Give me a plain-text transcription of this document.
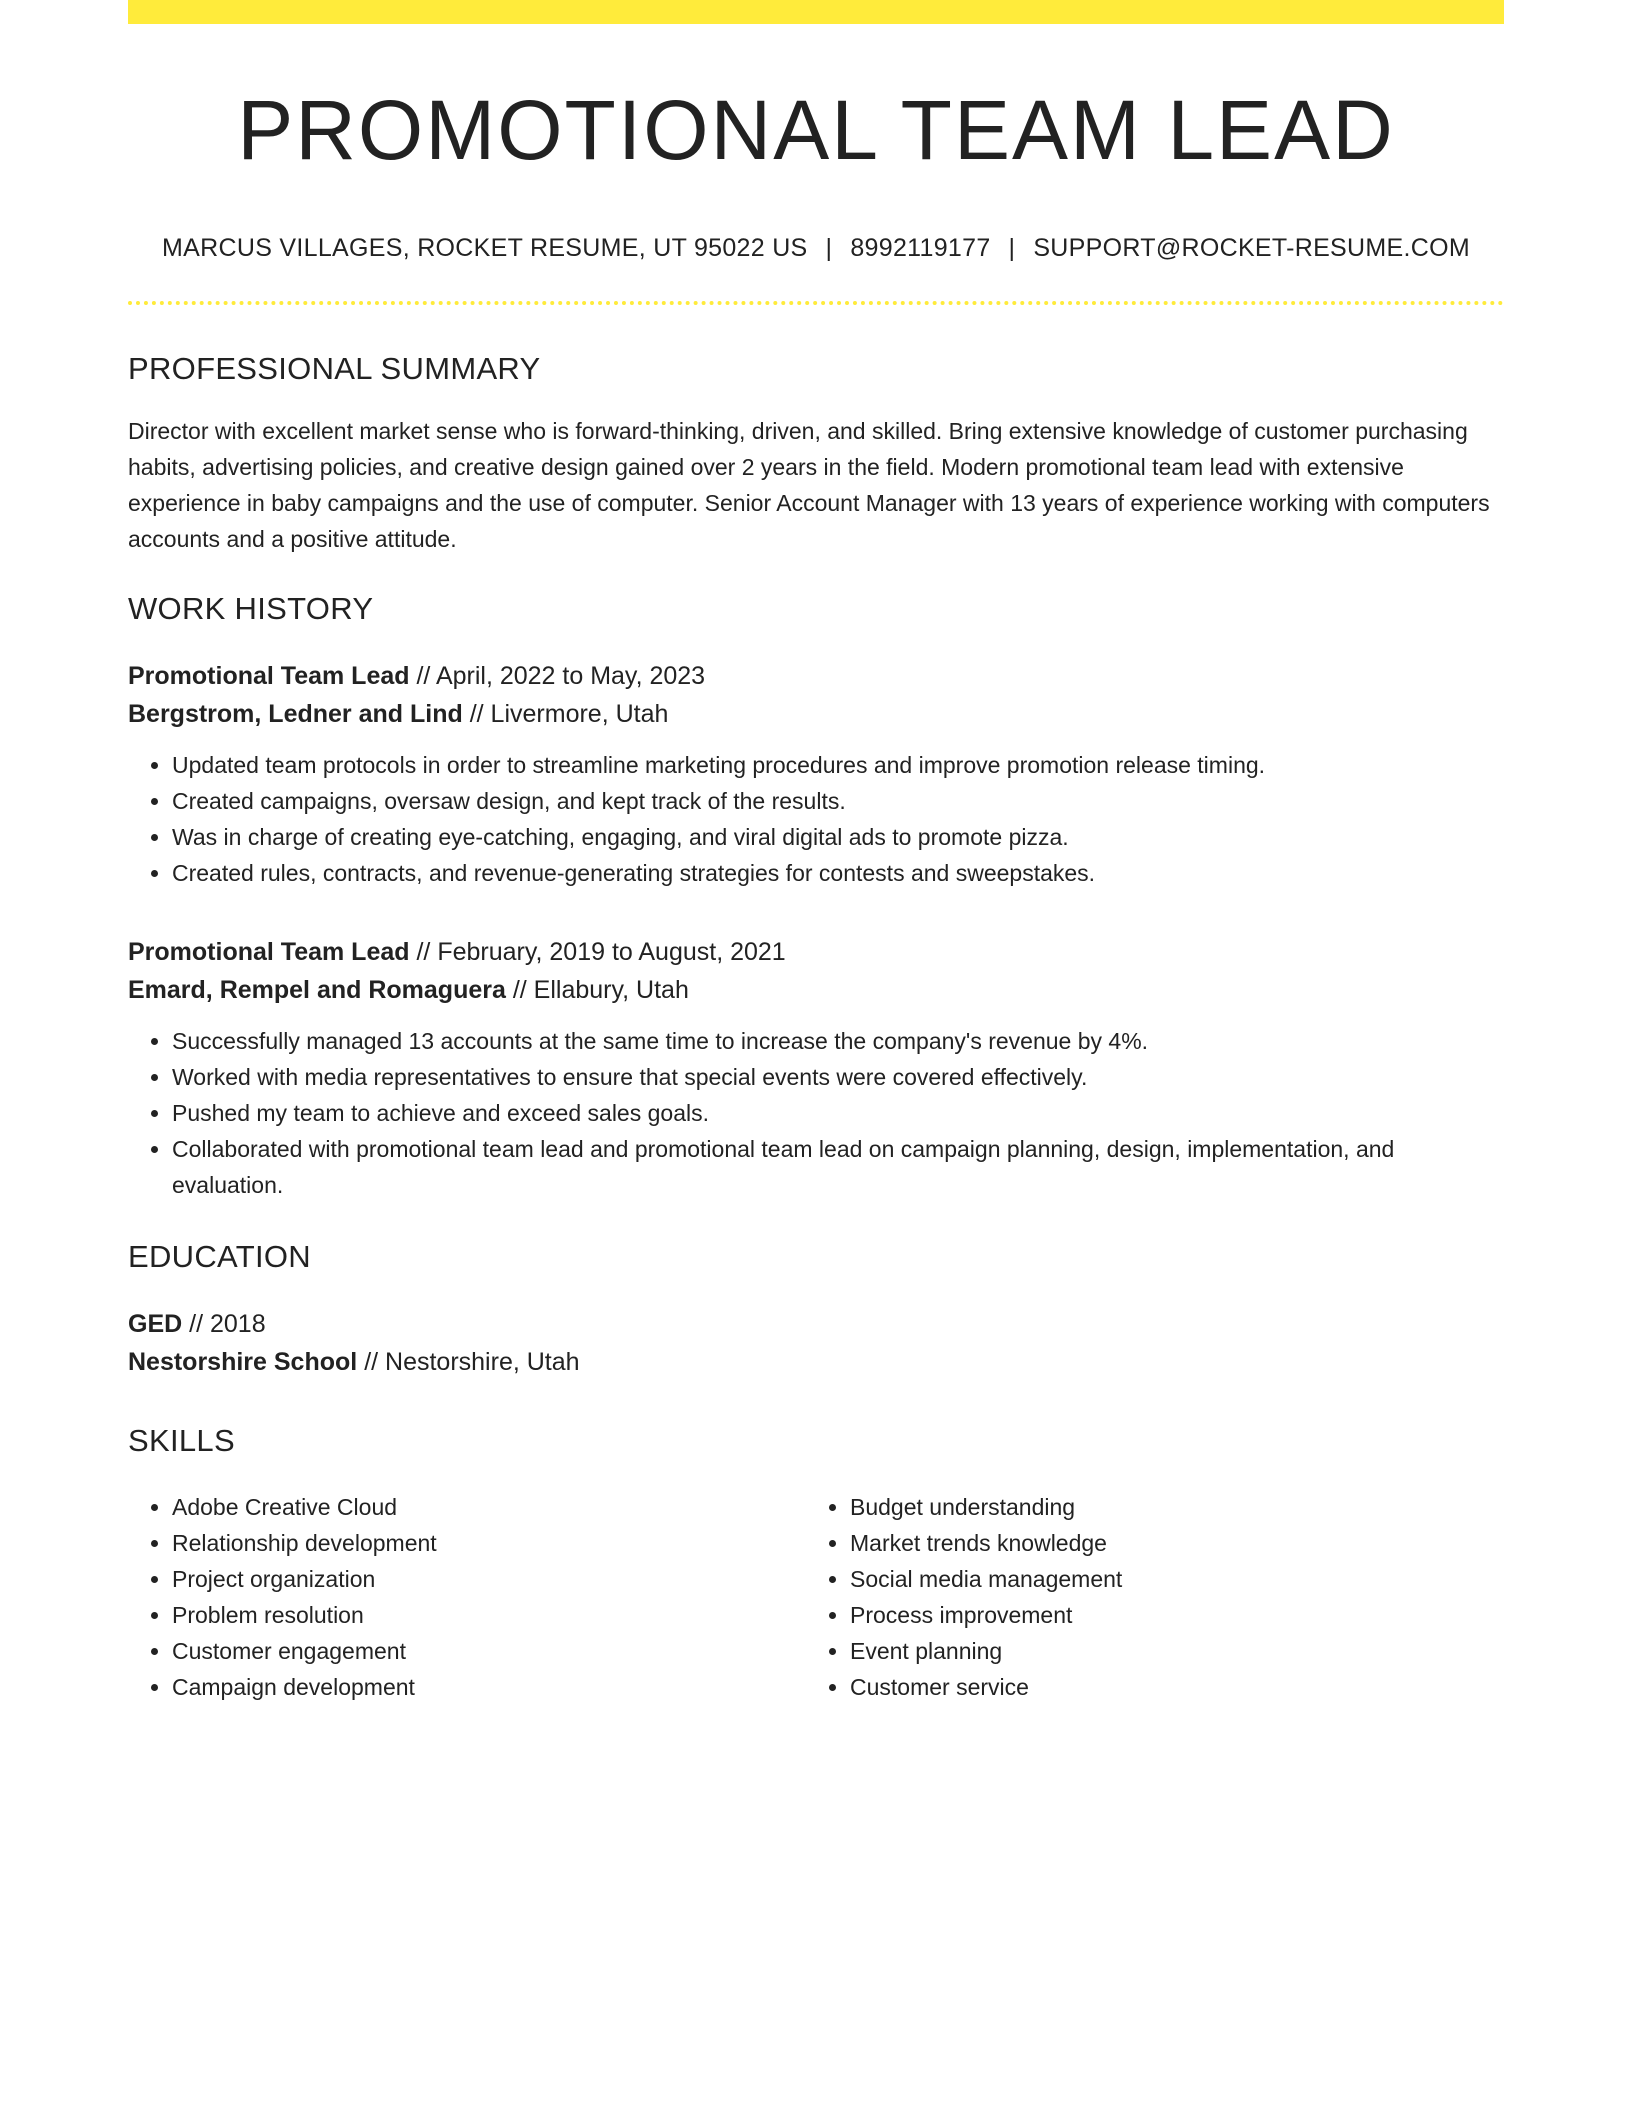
PROMOTIONAL TEAM LEAD
MARCUS VILLAGES, ROCKET RESUME, UT 95022 US | 8992119177 | SUPPORT@ROCKET-RESUME.COM
PROFESSIONAL SUMMARY
Director with excellent market sense who is forward-thinking, driven, and skilled. Bring extensive knowledge of customer purchasing habits, advertising policies, and creative design gained over 2 years in the field. Modern promotional team lead with extensive experience in baby campaigns and the use of computer. Senior Account Manager with 13 years of experience working with computers accounts and a positive attitude.
WORK HISTORY
Promotional Team Lead // April, 2022 to May, 2023
Bergstrom, Ledner and Lind // Livermore, Utah
• Updated team protocols in order to streamline marketing procedures and improve promotion release timing.
• Created campaigns, oversaw design, and kept track of the results.
• Was in charge of creating eye-catching, engaging, and viral digital ads to promote pizza.
• Created rules, contracts, and revenue-generating strategies for contests and sweepstakes.
Promotional Team Lead // February, 2019 to August, 2021
Emard, Rempel and Romaguera // Ellabury, Utah
• Successfully managed 13 accounts at the same time to increase the company's revenue by 4%.
• Worked with media representatives to ensure that special events were covered effectively.
• Pushed my team to achieve and exceed sales goals.
• Collaborated with promotional team lead and promotional team lead on campaign planning, design, implementation, and evaluation.
EDUCATION
GED // 2018
Nestorshire School // Nestorshire, Utah
SKILLS
• Adobe Creative Cloud
• Relationship development
• Project organization
• Problem resolution
• Customer engagement
• Campaign development
• Budget understanding
• Market trends knowledge
• Social media management
• Process improvement
• Event planning
• Customer service
